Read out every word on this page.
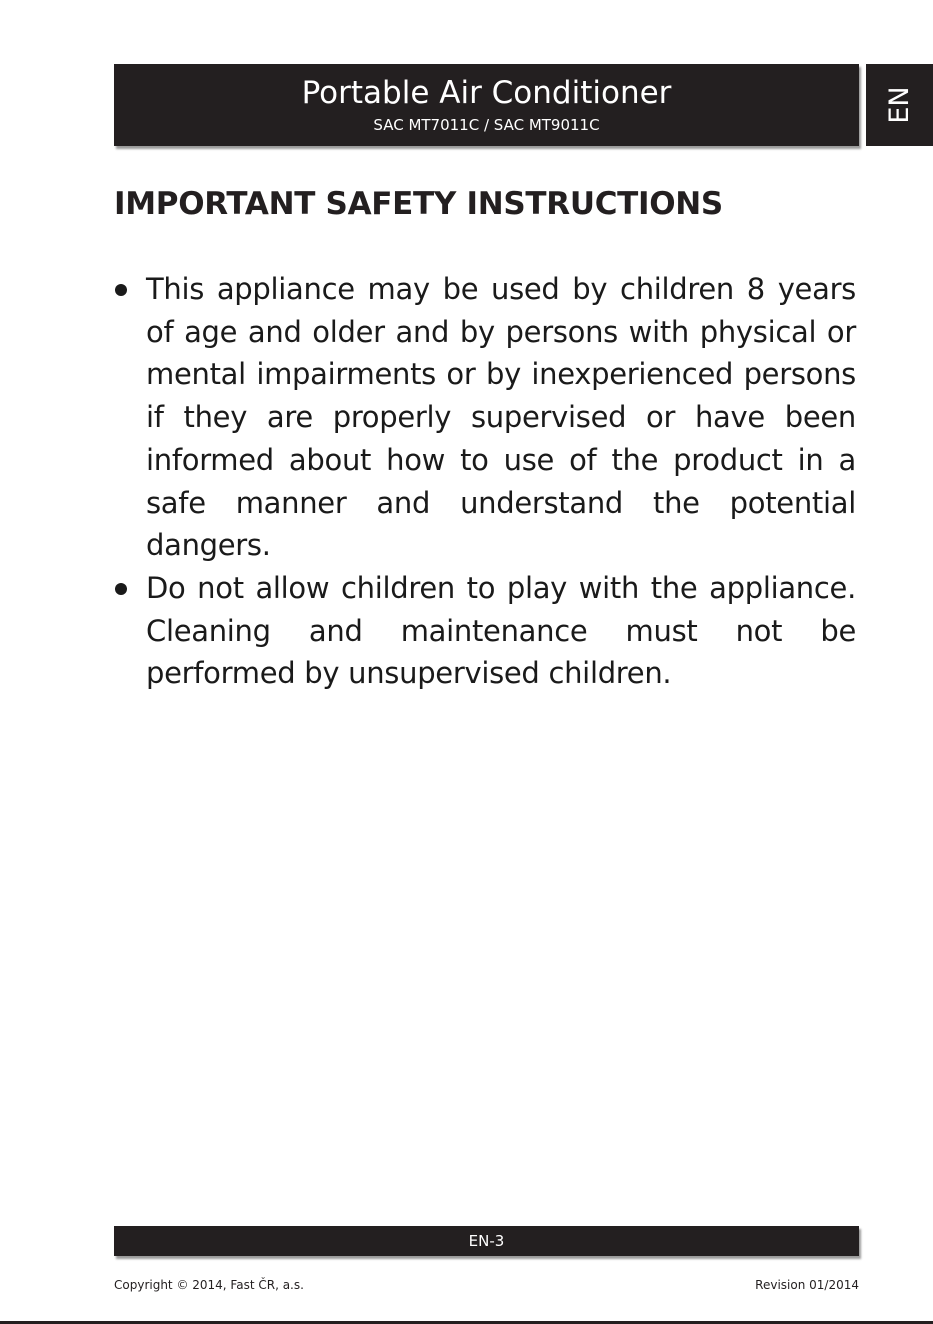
Portable Air Conditioner
SAC MT7011C / SAC MT9011C
EN
IMPORTANT SAFETY INSTRUCTIONS
This appliance may be used by children 8 years of age and older and by persons with physical or mental impairments or by inexperienced persons if they are properly supervised or have been informed about how to use of the product in a safe manner and understand the potential dangers.
Do not allow children to play with the appliance. Cleaning and maintenance must not be performed by unsupervised children.
EN-3
Copyright © 2014, Fast ČR, a.s.	Revision 01/2014
